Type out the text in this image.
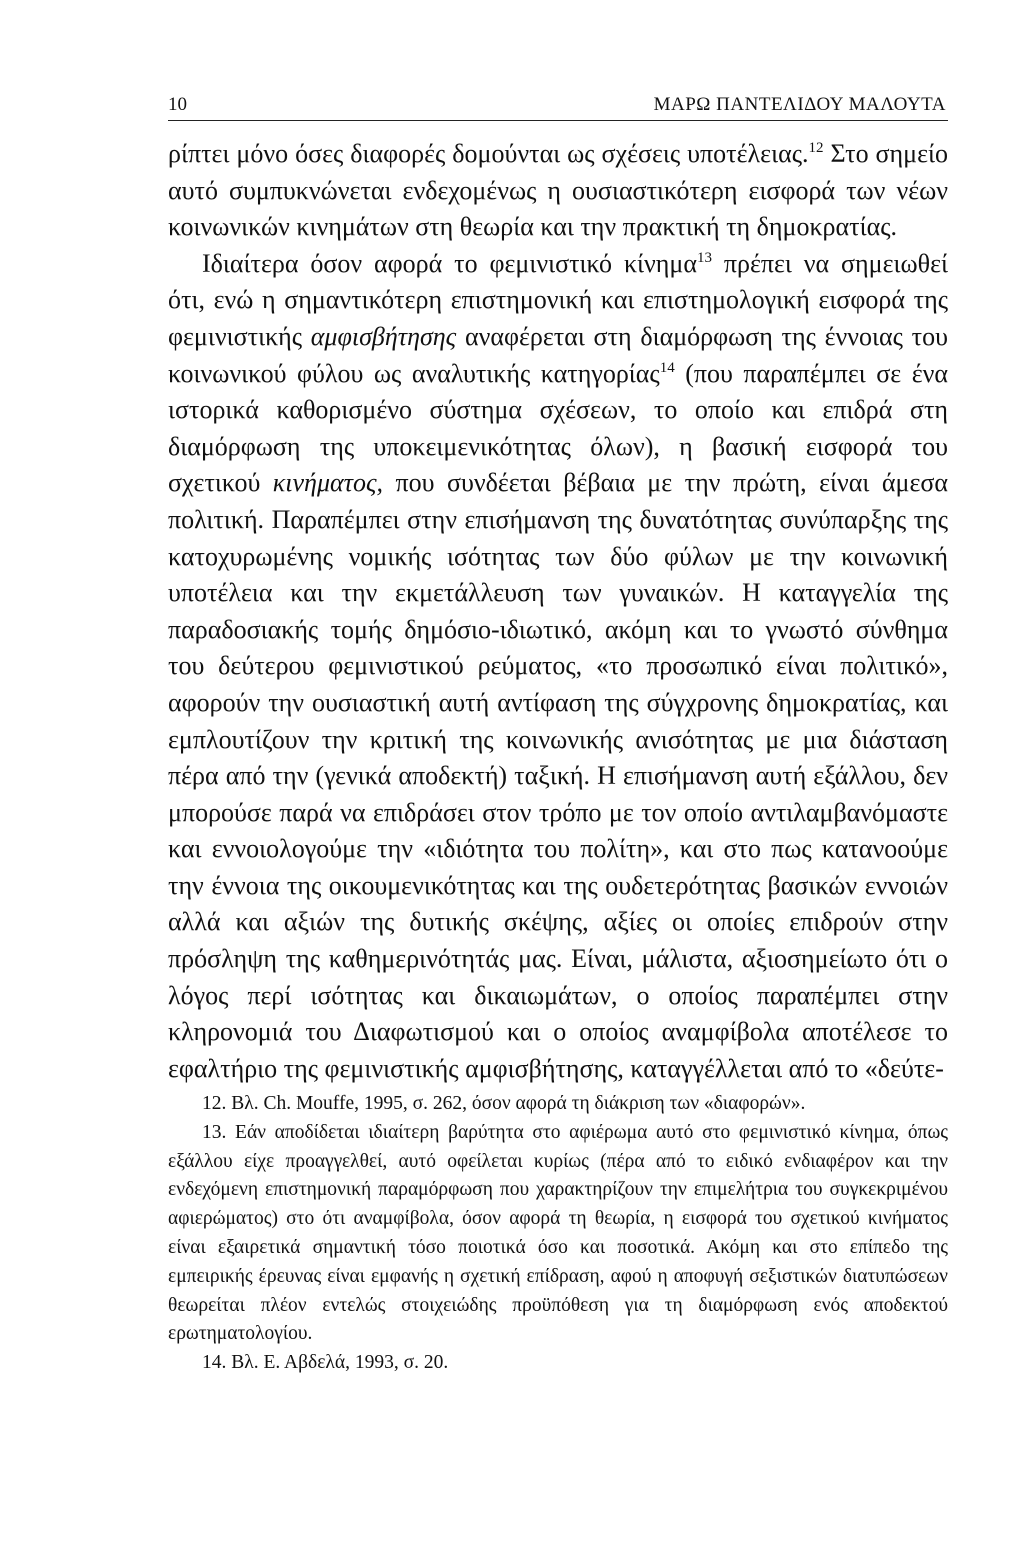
10	ΜΑΡΩ ΠΑΝΤΕΛΙΔΟΥ ΜΑΛΟΥΤΑ

ρίπτει μόνο όσες διαφορές δομούνται ως σχέσεις υποτέλειας.$^{12}$ Στο σημείο αυτό συμπυκνώνεται ενδεχομένως η ουσιαστικότερη εισφορά των νέων κοινωνικών κινημάτων στη θεωρία και την πρακτική τη δημοκρατίας.

Ιδιαίτερα όσον αφορά το φεμινιστικό κίνημα$^{13}$ πρέπει να σημειωθεί ότι, ενώ η σημαντικότερη επιστημονική και επιστημολογική εισφορά της φεμινιστικής αμφισβήτησης αναφέρεται στη διαμόρφωση της έννοιας του κοινωνικού φύλου ως αναλυτικής κατηγορίας$^{14}$ (που παραπέμπει σε ένα ιστορικά καθορισμένο σύστημα σχέσεων, το οποίο και επιδρά στη διαμόρφωση της υποκειμενικότητας όλων), η βασική εισφορά του σχετικού κινήματος, που συνδέεται βέβαια με την πρώτη, είναι άμεσα πολιτική. Παραπέμπει στην επισήμανση της δυνατότητας συνύπαρξης της κατοχυρωμένης νομικής ισότητας των δύο φύλων με την κοινωνική υποτέλεια και την εκμετάλλευση των γυναικών. Η καταγγελία της παραδοσιακής τομής δημόσιο-ιδιωτικό, ακόμη και το γνωστό σύνθημα του δεύτερου φεμινιστικού ρεύματος, «το προσωπικό είναι πολιτικό», αφορούν την ουσιαστική αυτή αντίφαση της σύγχρονης δημοκρατίας, και εμπλουτίζουν την κριτική της κοινωνικής ανισότητας με μια διάσταση πέρα από την (γενικά αποδεκτή) ταξική. Η επισήμανση αυτή εξάλλου, δεν μπορούσε παρά να επιδράσει στον τρόπο με τον οποίο αντιλαμβανόμαστε και εννοιολογούμε την «ιδιότητα του πολίτη», και στο πως κατανοούμε την έννοια της οικουμενικότητας και της ουδετερότητας βασικών εννοιών αλλά και αξιών της δυτικής σκέψης, αξίες οι οποίες επιδρούν στην πρόσληψη της καθημερινότητάς μας. Είναι, μάλιστα, αξιοσημείωτο ότι ο λόγος περί ισότητας και δικαιωμάτων, ο οποίος παραπέμπει στην κληρονομιά του Διαφωτισμού και ο οποίος αναμφίβολα αποτέλεσε το εφαλτήριο της φεμινιστικής αμφισβήτησης, καταγγέλλεται από το «δεύτε-

12. Βλ. Ch. Mouffe, 1995, σ. 262, όσον αφορά τη διάκριση των «διαφορών».

13. Εάν αποδίδεται ιδιαίτερη βαρύτητα στο αφιέρωμα αυτό στο φεμινιστικό κίνημα, όπως εξάλλου είχε προαγγελθεί, αυτό οφείλεται κυρίως (πέρα από το ειδικό ενδιαφέρον και την ενδεχόμενη επιστημονική παραμόρφωση που χαρακτηρίζουν την επιμελήτρια του συγκεκριμένου αφιερώματος) στο ότι αναμφίβολα, όσον αφορά τη θεωρία, η εισφορά του σχετικού κινήματος είναι εξαιρετικά σημαντική τόσο ποιοτικά όσο και ποσοτικά. Ακόμη και στο επίπεδο της εμπειρικής έρευνας είναι εμφανής η σχετική επίδραση, αφού η αποφυγή σεξιστικών διατυπώσεων θεωρείται πλέον εντελώς στοιχειώδης προϋπόθεση για τη διαμόρφωση ενός αποδεκτού ερωτηματολογίου.

14. Βλ. Ε. Αβδελά, 1993, σ. 20.
